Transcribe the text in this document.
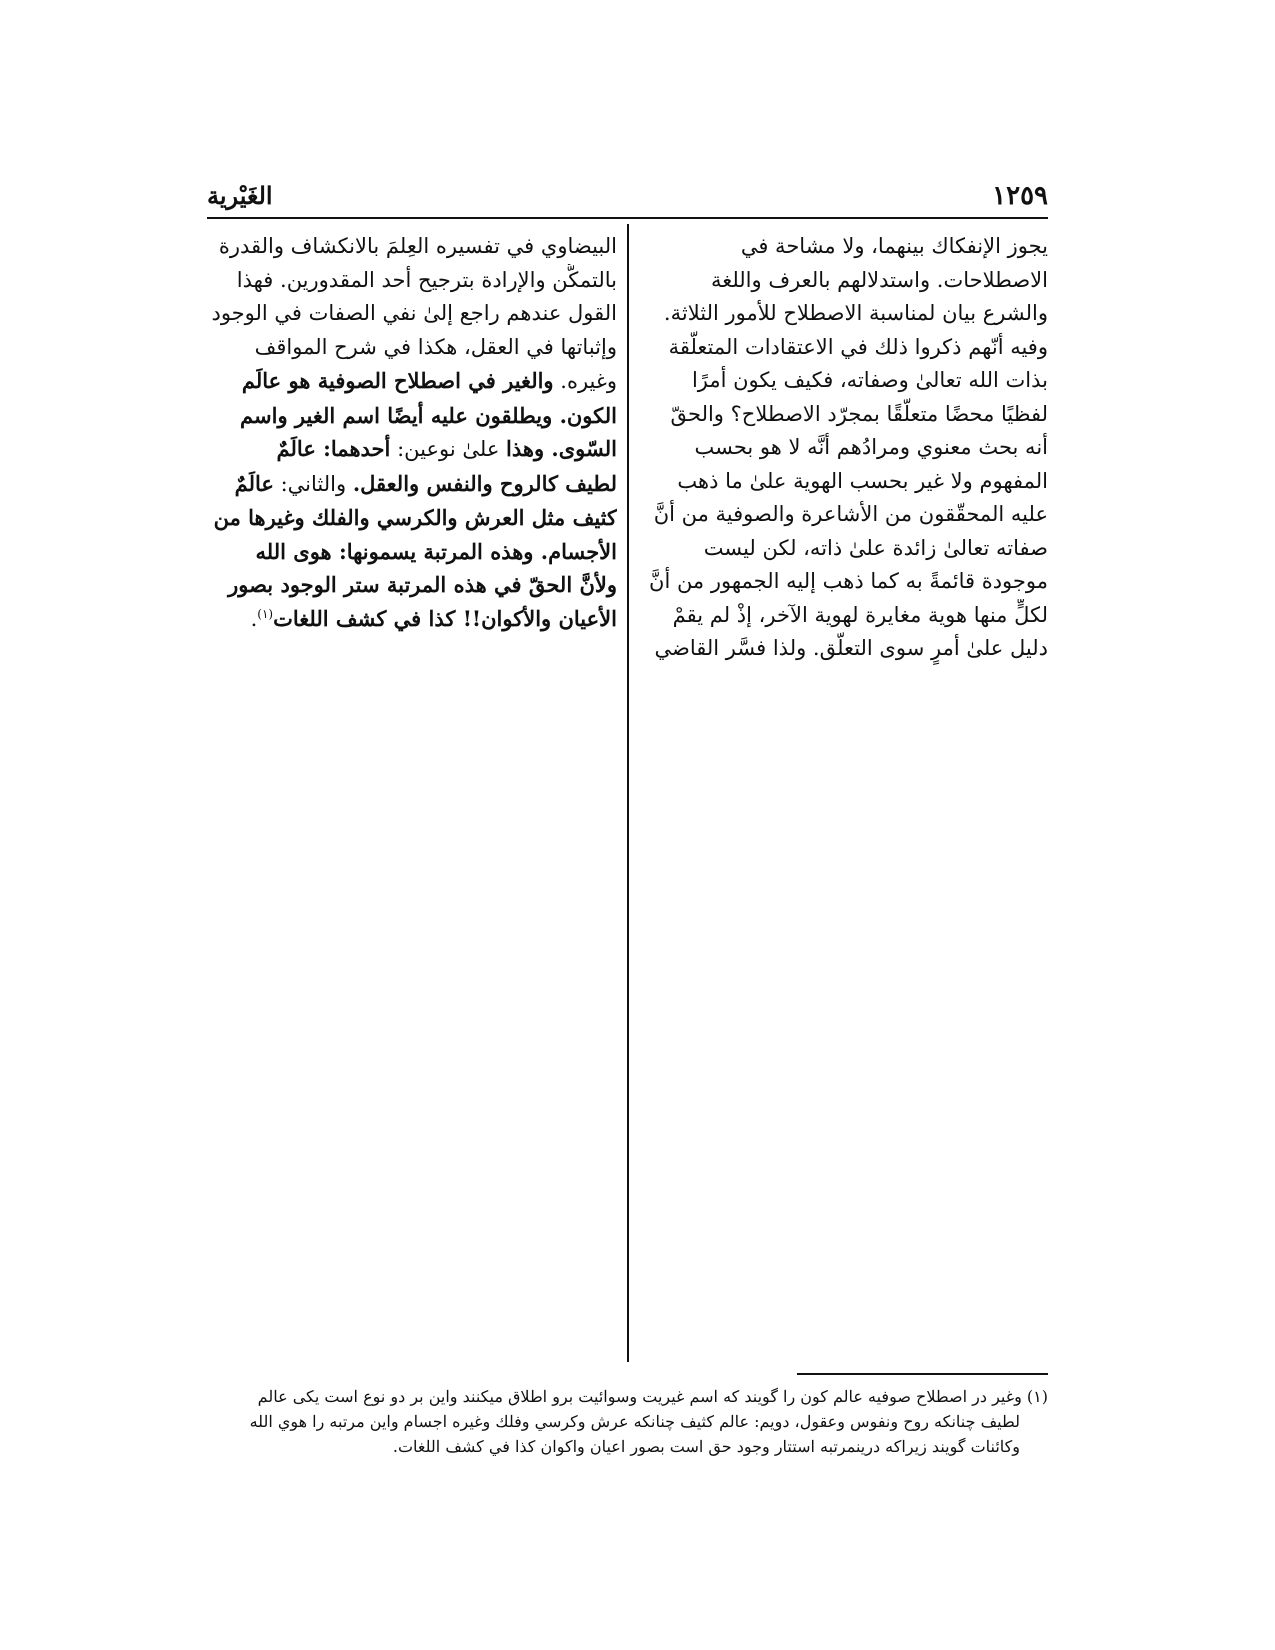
١٢٥٩
الغَيْرية
يجوز الإنفكاك بينهما، ولا مشاحة في
الاصطلاحات. واستدلالهم بالعرف واللغة
والشرع بيان لمناسبة الاصطلاح للأمور الثلاثة.
وفيه أنّهم ذكروا ذلك في الاعتقادات المتعلّقة
بذات الله تعالىٰ وصفاته، فكيف يكون أمرًا
لفظيًا محضًا متعلّقًا بمجرّد الاصطلاح؟ والحقّ
أنه بحث معنوي ومرادُهم أنَّه لا هو بحسب
المفهوم ولا غير بحسب الهوية علىٰ ما ذهب
عليه المحقّقون من الأشاعرة والصوفية من أنَّ
صفاته تعالىٰ زائدة علىٰ ذاته، لكن ليست
موجودة قائمةً به كما ذهب إليه الجمهور من أنَّ
لكلٍّ منها هوية مغايرة لهوية الآخر، إذْ لم يقمْ
دليل علىٰ أمرٍ سوى التعلّق. ولذا فسَّر القاضي
البيضاوي في تفسيره العِلمَ بالانكشاف والقدرة
بالتمكُّن والإرادة بترجيح أحد المقدورين. فهذا
القول عندهم راجع إلىٰ نفي الصفات في الوجود
وإثباتها في العقل، هكذا في شرح المواقف
وغيره. والغير في اصطلاح الصوفية هو عالَم
الكون. ويطلقون عليه أيضًا اسم الغير واسم
السّوى. وهذا علىٰ نوعين: أحدهما: عالَمٌ
لطيف كالروح والنفس والعقل. والثاني: عالَمٌ
كثيف مثل العرش والكرسي والفلك وغيرها من
الأجسام. وهذه المرتبة يسمونها: هوى الله
ولأنَّ الحقّ في هذه المرتبة ستر الوجود بصور
الأعيان والأكوان!! كذا في كشف اللغات$^{(١)}$.
(١) وغير در اصطلاح صوفيه عالم كون را گويند كه اسم غيريت وسوائيت برو اطلاق ميكنند واين بر دو نوع است يكى عالم
لطيف چنانكه روح ونفوس وعقول، دويم: عالم كثيف چنانكه عرش وكرسي وفلك وغيره اجسام واين مرتبه را هوي الله
وكائنات گويند زيراكه درينمرتبه استتار وجود حق است بصور اعيان واكوان كذا في كشف اللغات.
